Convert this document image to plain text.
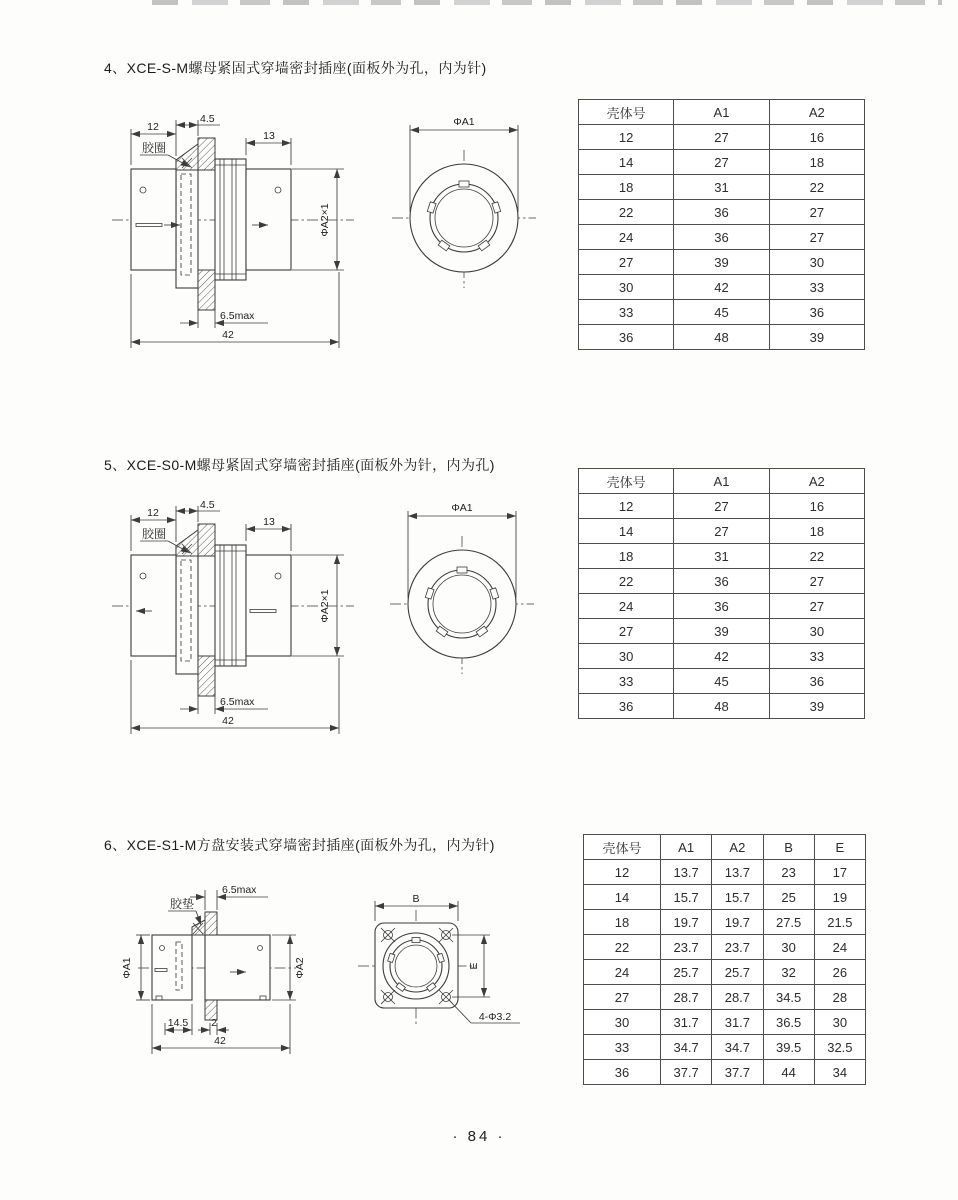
4、XCE-S-M螺母紧固式穿墙密封插座(面板外为孔，内为针)
12
4.5
13
胶圈
ΦA2×1
6.5max
42
ΦA1
壳体号	A1	A2
12	27	16
14	27	18
18	31	22
22	36	27
24	36	27
27	39	30
30	42	33
33	45	36
36	48	39
5、XCE-S0-M螺母紧固式穿墙密封插座(面板外为针，内为孔)
12
4.5
13
胶圈
ΦA2×1
6.5max
42
ΦA1
壳体号	A1	A2
12	27	16
14	27	18
18	31	22
22	36	27
24	36	27
27	39	30
30	42	33
33	45	36
36	48	39
6、XCE-S1-M方盘安装式穿墙密封插座(面板外为孔，内为针)
6.5max
胶垫
ΦA1	ΦA2
14.5 2
42
B
E
4-Φ3.2
壳体号	A1	A2	B	E
12	13.7	13.7	23	17
14	15.7	15.7	25	19
18	19.7	19.7	27.5	21.5
22	23.7	23.7	30	24
24	25.7	25.7	32	26
27	28.7	28.7	34.5	28
30	31.7	31.7	36.5	30
33	34.7	34.7	39.5	32.5
36	37.7	37.7	44	34
· 84 ·
